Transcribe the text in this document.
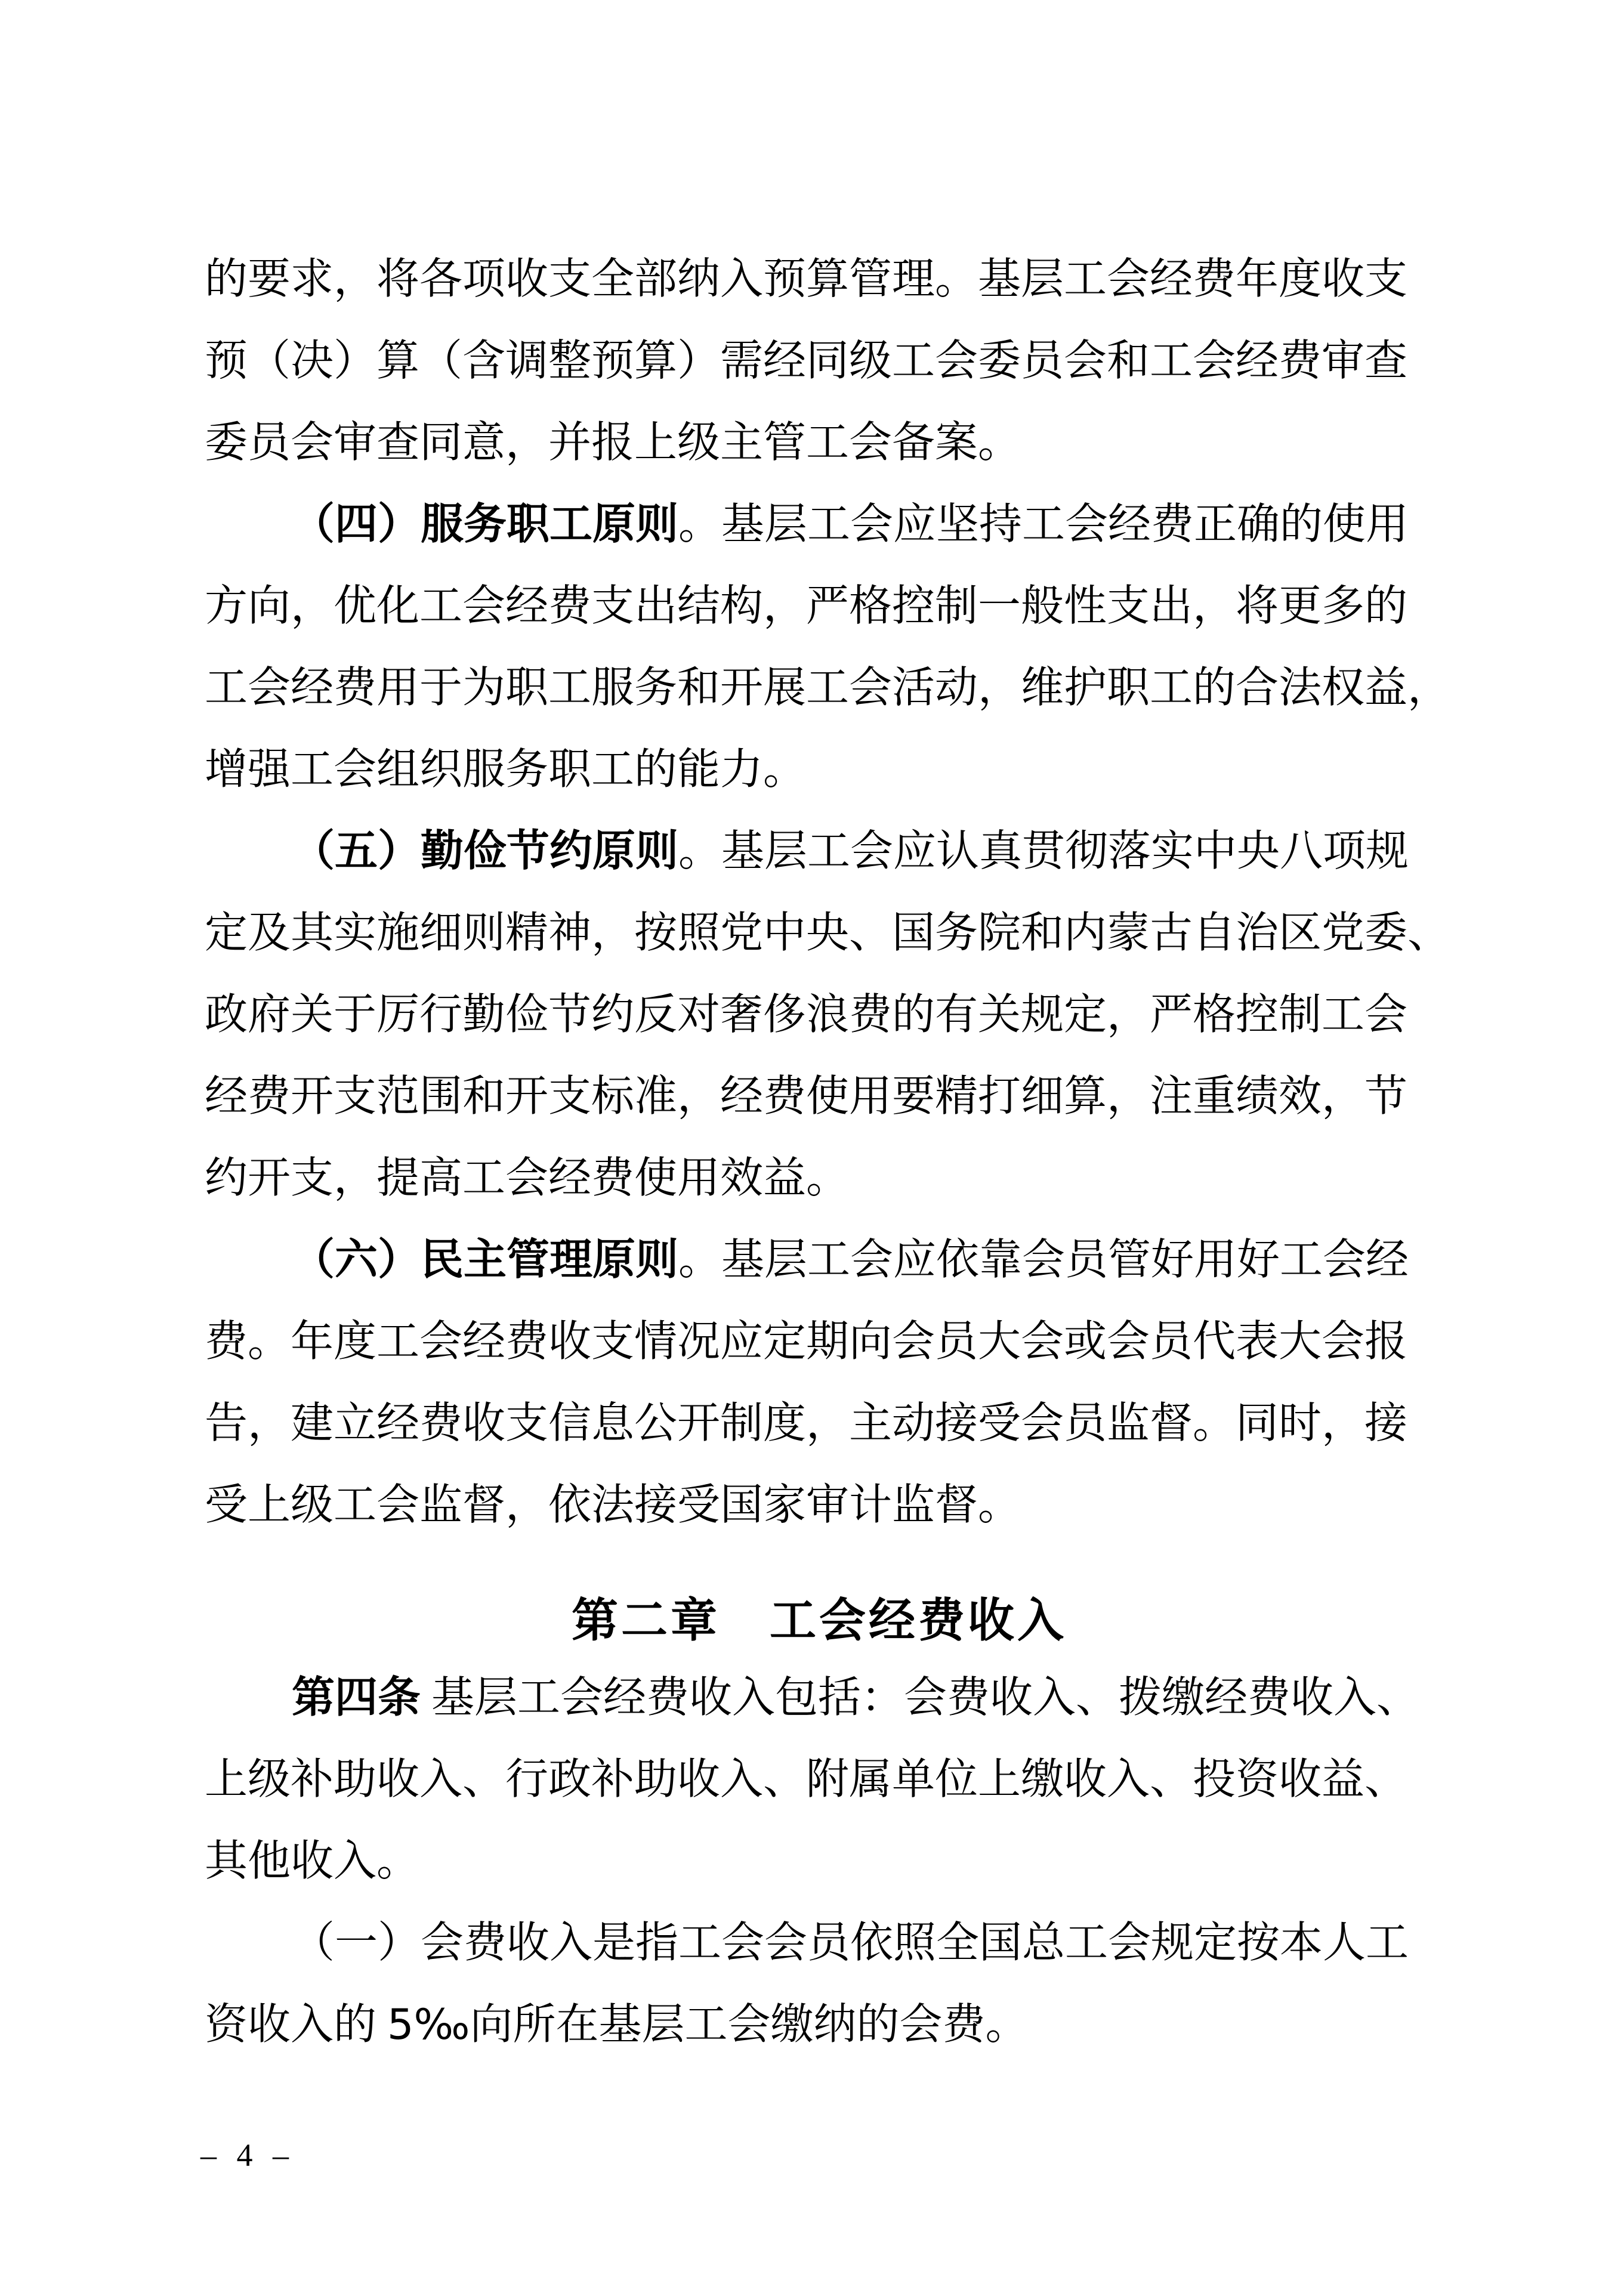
的要求，将各项收支全部纳入预算管理。基层工会经费年度收支
预（决）算（含调整预算）需经同级工会委员会和工会经费审查
委员会审查同意，并报上级主管工会备案。
（四）服务职工原则。基层工会应坚持工会经费正确的使用
方向，优化工会经费支出结构，严格控制一般性支出，将更多的
工会经费用于为职工服务和开展工会活动，维护职工的合法权益，
增强工会组织服务职工的能力。
（五）勤俭节约原则。基层工会应认真贯彻落实中央八项规
定及其实施细则精神，按照党中央、国务院和内蒙古自治区党委、
政府关于厉行勤俭节约反对奢侈浪费的有关规定，严格控制工会
经费开支范围和开支标准，经费使用要精打细算，注重绩效，节
约开支，提高工会经费使用效益。
（六）民主管理原则。基层工会应依靠会员管好用好工会经
费。年度工会经费收支情况应定期向会员大会或会员代表大会报
告，建立经费收支信息公开制度，主动接受会员监督。同时，接
受上级工会监督，依法接受国家审计监督。
第二章　工会经费收入
第四条 基层工会经费收入包括：会费收入、拨缴经费收入、
上级补助收入、行政补助收入、附属单位上缴收入、投资收益、
其他收入。
（一）会费收入是指工会会员依照全国总工会规定按本人工
资收入的 5‰向所在基层工会缴纳的会费。
– 4 –
